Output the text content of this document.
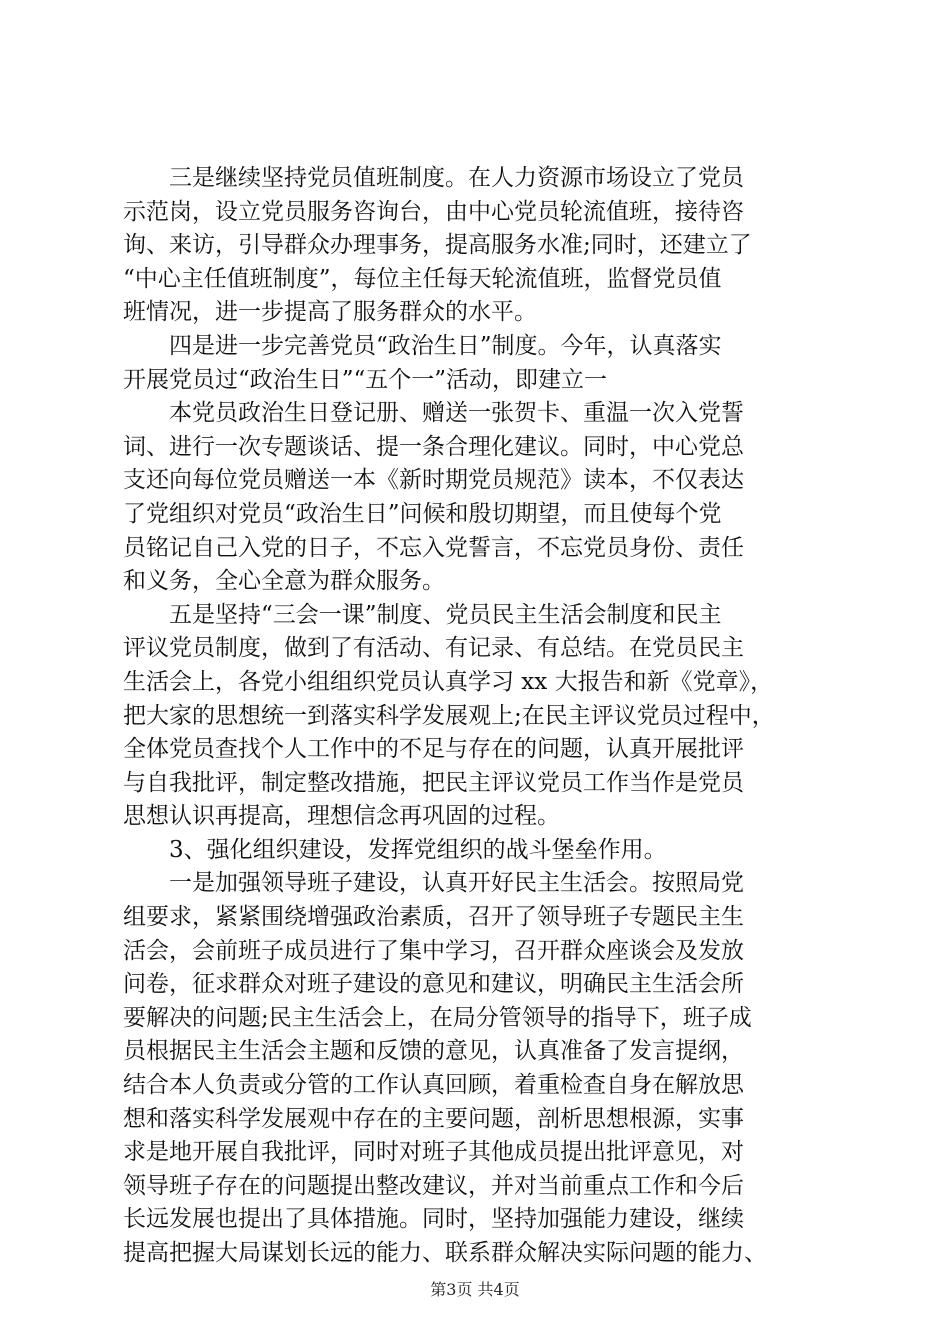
三是继续坚持党员值班制度。在人力资源市场设立了党员
示范岗，设立党员服务咨询台，由中心党员轮流值班，接待咨
询、来访，引导群众办理事务，提高服务水准;同时，还建立了
“中心主任值班制度”，每位主任每天轮流值班，监督党员值
班情况，进一步提高了服务群众的水平。
四是进一步完善党员“政治生日”制度。今年，认真落实
开展党员过“政治生日”“五个一”活动，即建立一
本党员政治生日登记册、赠送一张贺卡、重温一次入党誓
词、进行一次专题谈话、提一条合理化建议。同时，中心党总
支还向每位党员赠送一本《新时期党员规范》读本，不仅表达
了党组织对党员“政治生日”问候和殷切期望，而且使每个党
员铭记自己入党的日子，不忘入党誓言，不忘党员身份、责任
和义务，全心全意为群众服务。
五是坚持“三会一课”制度、党员民主生活会制度和民主
评议党员制度，做到了有活动、有记录、有总结。在党员民主
生活会上，各党小组组织党员认真学习 xx 大报告和新《党章》，
把大家的思想统一到落实科学发展观上;在民主评议党员过程中，
全体党员查找个人工作中的不足与存在的问题，认真开展批评
与自我批评，制定整改措施，把民主评议党员工作当作是党员
思想认识再提高，理想信念再巩固的过程。
3、强化组织建设，发挥党组织的战斗堡垒作用。
一是加强领导班子建设，认真开好民主生活会。按照局党
组要求，紧紧围绕增强政治素质，召开了领导班子专题民主生
活会，会前班子成员进行了集中学习，召开群众座谈会及发放
问卷，征求群众对班子建设的意见和建议，明确民主生活会所
要解决的问题;民主生活会上，在局分管领导的指导下，班子成
员根据民主生活会主题和反馈的意见，认真准备了发言提纲，
结合本人负责或分管的工作认真回顾，着重检查自身在解放思
想和落实科学发展观中存在的主要问题，剖析思想根源，实事
求是地开展自我批评，同时对班子其他成员提出批评意见，对
领导班子存在的问题提出整改建议，并对当前重点工作和今后
长远发展也提出了具体措施。同时，坚持加强能力建设，继续
提高把握大局谋划长远的能力、联系群众解决实际问题的能力、
第3页 共4页
